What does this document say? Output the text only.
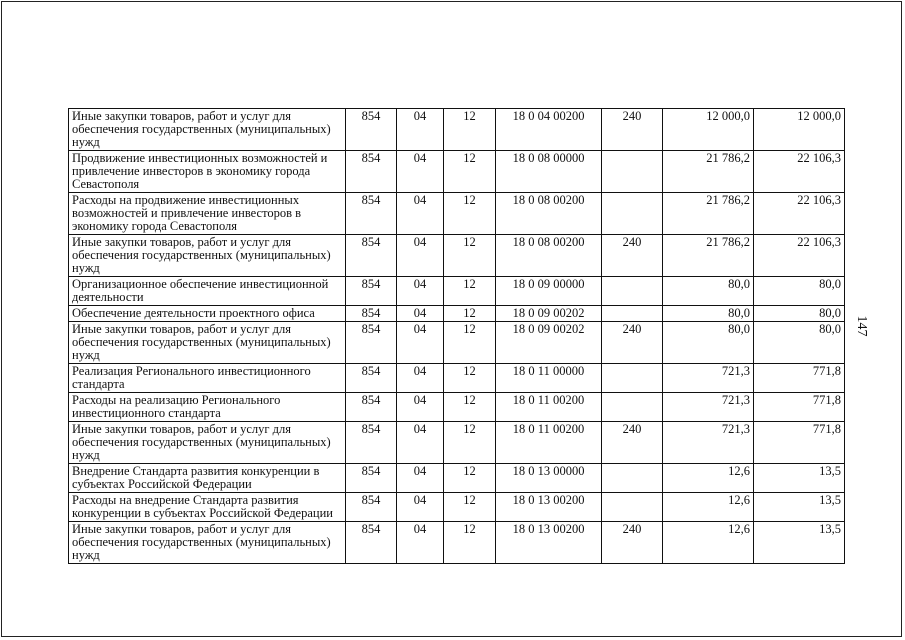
Иные закупки товаров, работ и услуг для обеспечения государственных (муниципальных) нужд	854	04	12	18 0 04 00200	240	12 000,0	12 000,0
Продвижение инвестиционных возможностей и привлечение инвесторов в экономику города Севастополя	854	04	12	18 0 08 00000		21 786,2	22 106,3
Расходы на продвижение инвестиционных возможностей и привлечение инвесторов в экономику города Севастополя	854	04	12	18 0 08 00200		21 786,2	22 106,3
Иные закупки товаров, работ и услуг для обеспечения государственных (муниципальных) нужд	854	04	12	18 0 08 00200	240	21 786,2	22 106,3
Организационное обеспечение инвестиционной деятельности	854	04	12	18 0 09 00000		80,0	80,0
Обеспечение деятельности проектного офиса	854	04	12	18 0 09 00202		80,0	80,0
Иные закупки товаров, работ и услуг для обеспечения государственных (муниципальных) нужд	854	04	12	18 0 09 00202	240	80,0	80,0
Реализация Регионального инвестиционного стандарта	854	04	12	18 0 11 00000		721,3	771,8
Расходы на реализацию Регионального инвестиционного стандарта	854	04	12	18 0 11 00200		721,3	771,8
Иные закупки товаров, работ и услуг для обеспечения государственных (муниципальных) нужд	854	04	12	18 0 11 00200	240	721,3	771,8
Внедрение Стандарта развития конкуренции в субъектах Российской Федерации	854	04	12	18 0 13 00000		12,6	13,5
Расходы на внедрение Стандарта развития конкуренции в субъектах Российской Федерации	854	04	12	18 0 13 00200		12,6	13,5
Иные закупки товаров, работ и услуг для обеспечения государственных (муниципальных) нужд	854	04	12	18 0 13 00200	240	12,6	13,5
147
